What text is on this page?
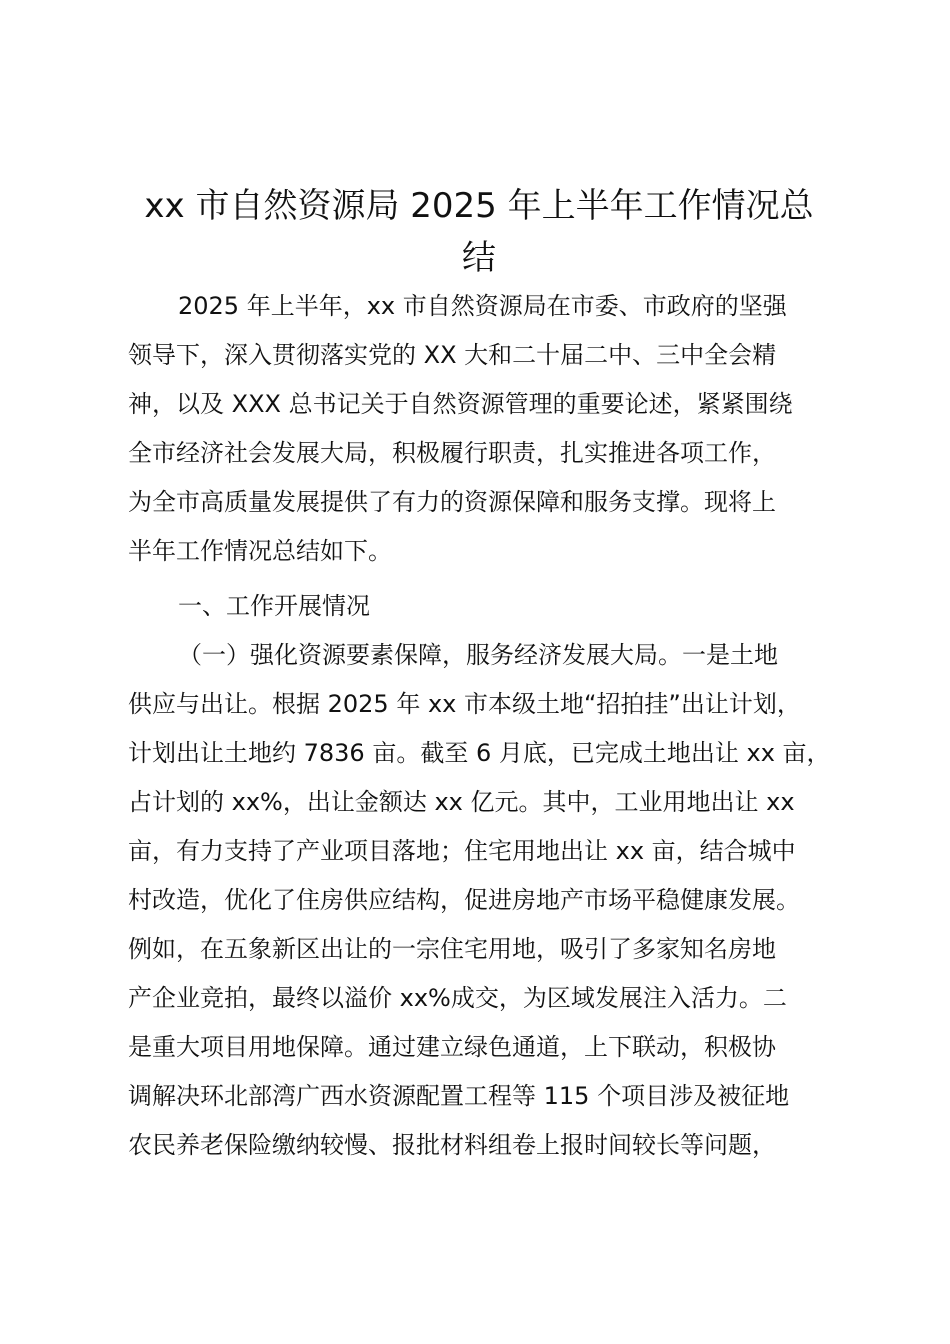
xx 市自然资源局 2025 年上半年工作情况总
结
2025 年上半年，xx 市自然资源局在市委、市政府的坚强
领导下，深入贯彻落实党的 XX 大和二十届二中、三中全会精
神，以及 XXX 总书记关于自然资源管理的重要论述，紧紧围绕
全市经济社会发展大局，积极履行职责，扎实推进各项工作，
为全市高质量发展提供了有力的资源保障和服务支撑。现将上
半年工作情况总结如下。
一、工作开展情况
（一）强化资源要素保障，服务经济发展大局。一是土地
供应与出让。根据 2025 年 xx 市本级土地“招拍挂”出让计划，
计划出让土地约 7836 亩。截至 6 月底，已完成土地出让 xx 亩，
占计划的 xx%，出让金额达 xx 亿元。其中，工业用地出让 xx
亩，有力支持了产业项目落地；住宅用地出让 xx 亩，结合城中
村改造，优化了住房供应结构，促进房地产市场平稳健康发展。
例如，在五象新区出让的一宗住宅用地，吸引了多家知名房地
产企业竞拍，最终以溢价 xx%成交，为区域发展注入活力。二
是重大项目用地保障。通过建立绿色通道，上下联动，积极协
调解决环北部湾广西水资源配置工程等 115 个项目涉及被征地
农民养老保险缴纳较慢、报批材料组卷上报时间较长等问题，
